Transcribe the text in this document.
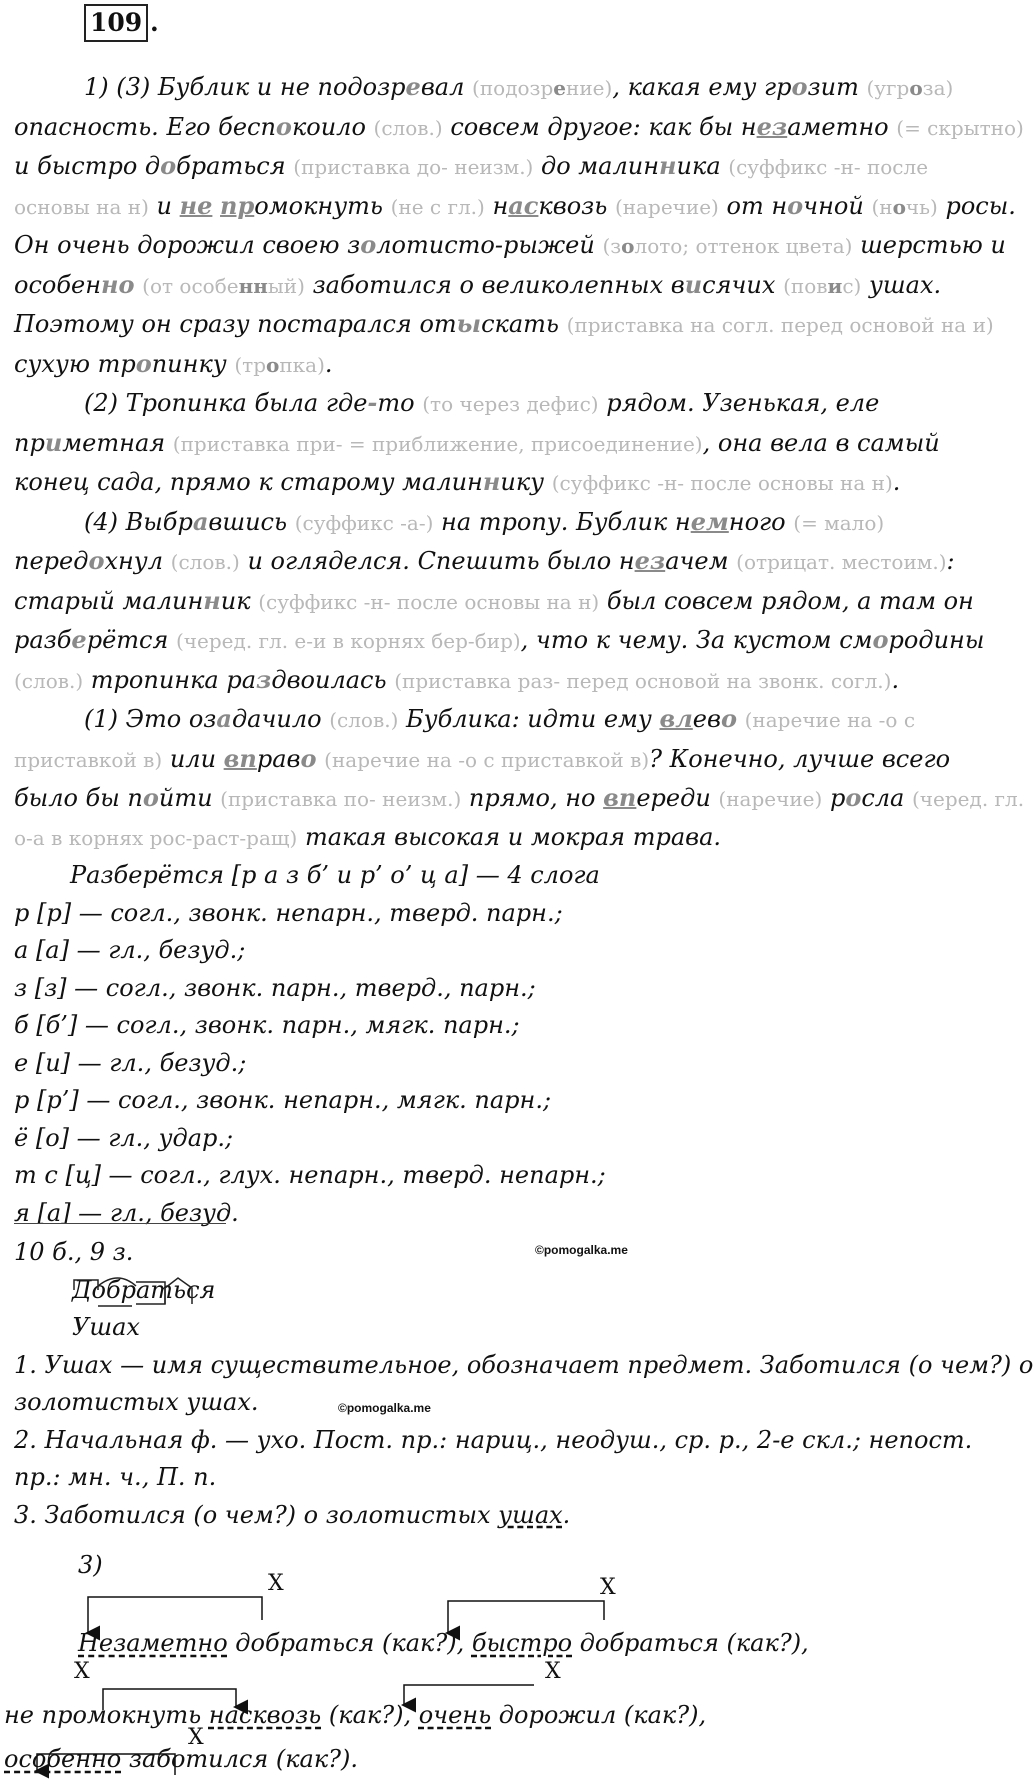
109 .
1) (3) Бублик и не подозревал (подозрение), какая ему грозит (угроза)
опасность. Его беспокоило (слов.) совсем другое: как бы незаметно (= скрытно)
и быстро добраться (приставка до- неизм.) до малинника (суффикс -н- после
основы на н) и не промокнуть (не с гл.) насквозь (наречие) от ночной (ночь) росы.
Он очень дорожил своею золотисто-рыжей (золото; оттенок цвета) шерстью и
особенно (от особенный) заботился о великолепных висячих (повис) ушах.
Поэтому он сразу постарался отыскать (приставка на согл. перед основой на и)
сухую тропинку (тропка).
(2) Тропинка была где-то (то через дефис) рядом. Узенькая, еле
приметная (приставка при- = приближение, присоединение), она вела в самый
конец сада, прямо к старому малиннику (суффикс -н- после основы на н).
(4) Выбравшись (суффикс -а-) на тропу. Бублик немного (= мало)
передохнул (слов.) и огляделся. Спешить было незачем (отрицат. местоим.):
старый малинник (суффикс -н- после основы на н) был совсем рядом, а там он
разберётся (черед. гл. е-и в корнях бер-бир), что к чему. За кустом смородины
(слов.) тропинка раздвоилась (приставка раз- перед основой на звонк. согл.).
(1) Это озадачило (слов.) Бублика: идти ему влево (наречие на -о с
приставкой в) или вправо (наречие на -о с приставкой в)? Конечно, лучше всего
было бы пойти (приставка по- неизм.) прямо, но впереди (наречие) росла (черед. гл.
о-а в корнях рос-раст-ращ) такая высокая и мокрая трава.
Разберётся [р а з б’ и р’ о’ ц а] — 4 слога
р [р] — согл., звонк. непарн., тверд. парн.;
а [а] — гл., безуд.;
з [з] — согл., звонк. парн., тверд., парн.;
б [б’] — согл., звонк. парн., мягк. парн.;
е [и] — гл., безуд.;
р [р’] — согл., звонк. непарн., мягк. парн.;
ё [о] — гл., удар.;
т с [ц] — согл., глух. непарн., тверд. непарн.;
я [а] — гл., безуд.
©pomogalka.me
©pomogalka.me
10 б., 9 з.
Добраться
Ушах
1. Ушах — имя существительное, обозначает предмет. Заботился (о чем?) о
золотистых ушах.
2. Начальная ф. — ухо. Пост. пр.: нариц., неодуш., ср. р., 2-е скл.; непост.
пр.: мн. ч., П. п.
3. Заботился (о чем?) о золотистых ушах.
3)
X	X
X	X
X
Незаметно добраться (как?), быстро добраться (как?),
не промокнуть насквозь (как?), очень дорожил (как?),
особенно заботился (как?).
